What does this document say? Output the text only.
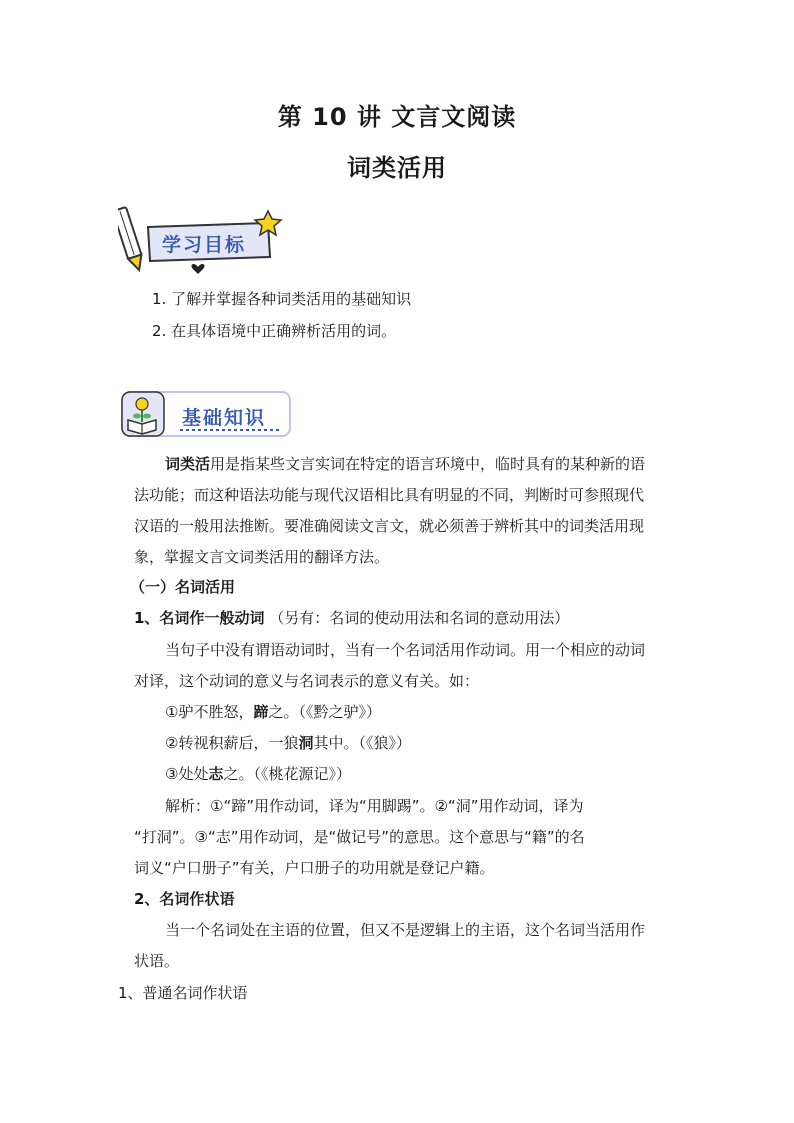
第 10 讲 文言文阅读
词类活用
学习目标
1. 了解并掌握各种词类活用的基础知识
2. 在具体语境中正确辨析活用的词。
基础知识
词类活用是指某些文言实词在特定的语言环境中，临时具有的某种新的语
法功能；而这种语法功能与现代汉语相比具有明显的不同，判断时可参照现代
汉语的一般用法推断。要准确阅读文言文，就必须善于辨析其中的词类活用现
象，掌握文言文词类活用的翻译方法。
（一）名词活用
1、名词作一般动词 （另有：名词的使动用法和名词的意动用法）
当句子中没有谓语动词时，当有一个名词活用作动词。用一个相应的动词
对译，这个动词的意义与名词表示的意义有关。如：
①驴不胜怒，蹄之。（《黔之驴》）
②转视积薪后，一狼洞其中。（《狼》）
③处处志之。（《桃花源记》）
解析：①“蹄”用作动词，译为“用脚踢”。②“洞”用作动词，译为
“打洞”。③“志”用作动词，是“做记号”的意思。这个意思与“籍”的名
词义“户口册子”有关，户口册子的功用就是登记户籍。
2、名词作状语
当一个名词处在主语的位置，但又不是逻辑上的主语，这个名词当活用作
状语。
1、普通名词作状语
